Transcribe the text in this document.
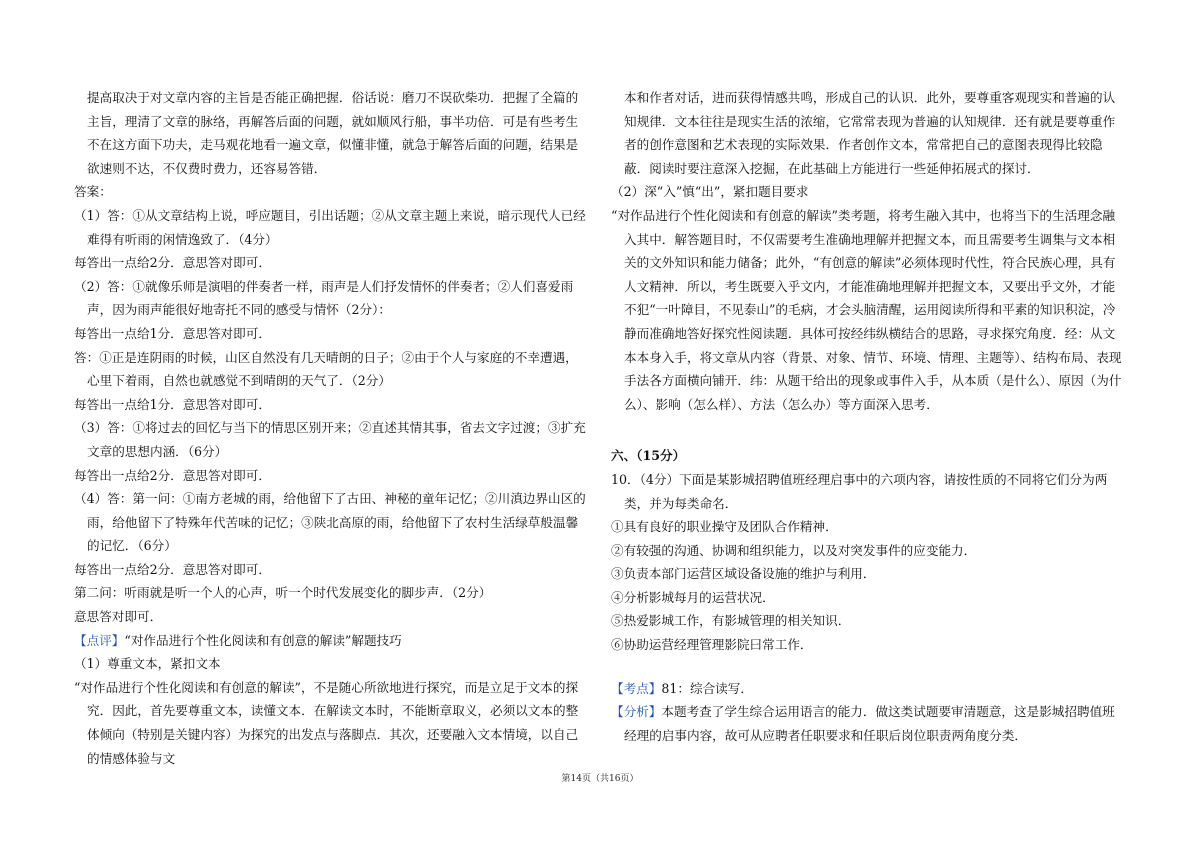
提高取决于对文章内容的主旨是否能正确把握．俗话说：磨刀不误砍柴功．把握了全篇的主旨，理清了文章的脉络，再解答后面的问题，就如顺风行船，事半功倍．可是有些考生不在这方面下功夫，走马观花地看一遍文章，似懂非懂，就急于解答后面的问题，结果是欲速则不达，不仅费时费力，还容易答错．

答案：

（1）答：①从文章结构上说，呼应题目，引出话题；②从文章主题上来说，暗示现代人已经难得有听雨的闲情逸致了．（4分）

每答出一点给2分．意思答对即可．

（2）答：①就像乐师是演唱的伴奏者一样，雨声是人们抒发情怀的伴奏者；②人们喜爱雨声，因为雨声能很好地寄托不同的感受与情怀（2分）：

每答出一点给1分．意思答对即可．

答：①正是连阴雨的时候，山区自然没有几天晴朗的日子；②由于个人与家庭的不幸遭遇，心里下着雨，自然也就感觉不到晴朗的天气了．（2分）

每答出一点给1分．意思答对即可．

（3）答：①将过去的回忆与当下的情思区别开来；②直述其情其事，省去文字过渡；③扩充文章的思想内涵．（6分）

每答出一点给2分．意思答对即可．

（4）答：第一问：①南方老城的雨，给他留下了古田、神秘的童年记忆；②川滇边界山区的雨，给他留下了特殊年代苦味的记忆；③陕北高原的雨，给他留下了农村生活绿草般温馨的记忆．（6分）

每答出一点给2分．意思答对即可．

第二问：听雨就是听一个人的心声，听一个时代发展变化的脚步声．（2分）

意思答对即可．

【点评】“对作品进行个性化阅读和有创意的解读”解题技巧

（1）尊重文本，紧扣文本

“对作品进行个性化阅读和有创意的解读”，不是随心所欲地进行探究，而是立足于文本的探究．因此，首先要尊重文本，读懂文本．在解读文本时，不能断章取义，必须以文本的整体倾向（特别是关键内容）为探究的出发点与落脚点．其次，还要融入文本情境，以自己的情感体验与文

本和作者对话，进而获得情感共鸣，形成自己的认识．此外，要尊重客观现实和普遍的认知规律．文本往往是现实生活的浓缩，它常常表现为普遍的认知规律．还有就是要尊重作者的创作意图和艺术表现的实际效果．作者创作文本，常常把自己的意图表现得比较隐蔽．阅读时要注意深入挖掘，在此基础上方能进行一些延伸拓展式的探讨．

（2）深“入”慎“出”，紧扣题目要求

“对作品进行个性化阅读和有创意的解读”类考题，将考生融入其中，也将当下的生活理念融入其中．解答题目时，不仅需要考生准确地理解并把握文本，而且需要考生调集与文本相关的文外知识和能力储备；此外，“有创意的解读”必须体现时代性，符合民族心理，具有人文精神．所以，考生既要入乎文内，才能准确地理解并把握文本，又要出乎文外，才能不犯“一叶障目，不见泰山”的毛病，才会头脑清醒，运用阅读所得和平素的知识积淀，冷静而准确地答好探究性阅读题．具体可按经纬纵横结合的思路，寻求探究角度．经：从文本本身入手，将文章从内容（背景、对象、情节、环境、情理、主题等）、结构布局、表现手法各方面横向铺开．纬：从题干给出的现象或事件入手，从本质（是什么）、原因（为什么）、影响（怎么样）、方法（怎么办）等方面深入思考．

六、（15分）

10．（4分）下面是某影城招聘值班经理启事中的六项内容，请按性质的不同将它们分为两类，并为每类命名．

①具有良好的职业操守及团队合作精神．

②有较强的沟通、协调和组织能力，以及对突发事件的应变能力．

③负责本部门运营区域设备设施的维护与利用．

④分析影城每月的运营状况．

⑤热爱影城工作，有影城管理的相关知识．

⑥协助运营经理管理影院曰常工作．

【考点】81：综合读写．

【分析】本题考查了学生综合运用语言的能力．做这类试题要审清题意，这是影城招聘值班经理的启事内容，故可从应聘者任职要求和任职后岗位职责两角度分类．

第14页（共16页）
